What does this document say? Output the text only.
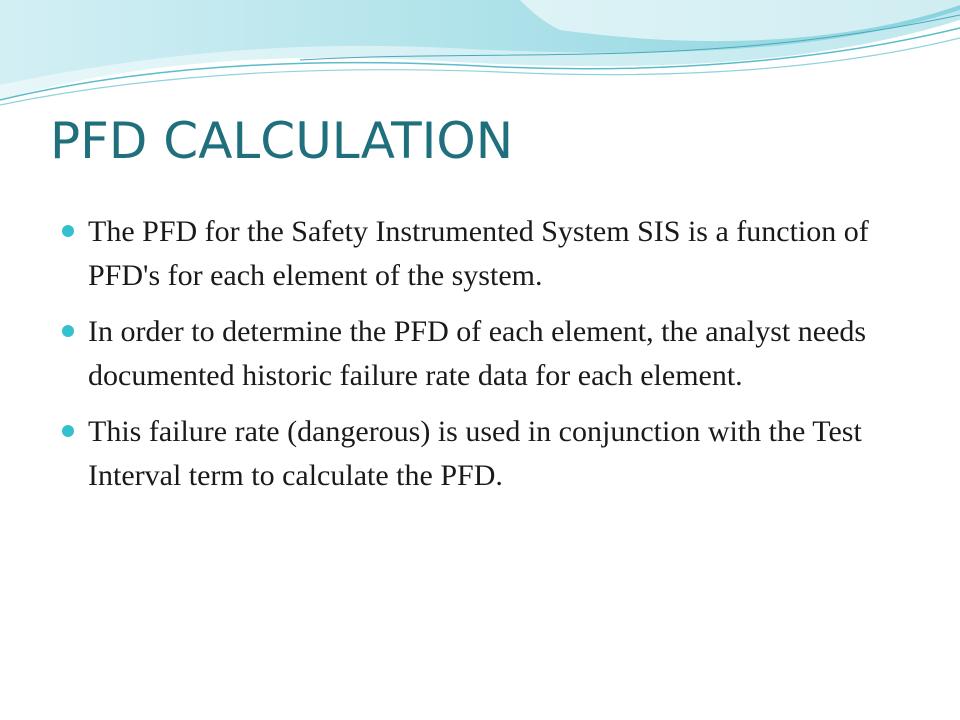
PFD CALCULATION
The PFD for the Safety Instrumented System SIS is a function of PFD's for each element of the system.
In order to determine the PFD of each element, the analyst needs documented historic failure rate data for each element.
This failure rate (dangerous) is used in conjunction with the Test Interval term to calculate the PFD.
